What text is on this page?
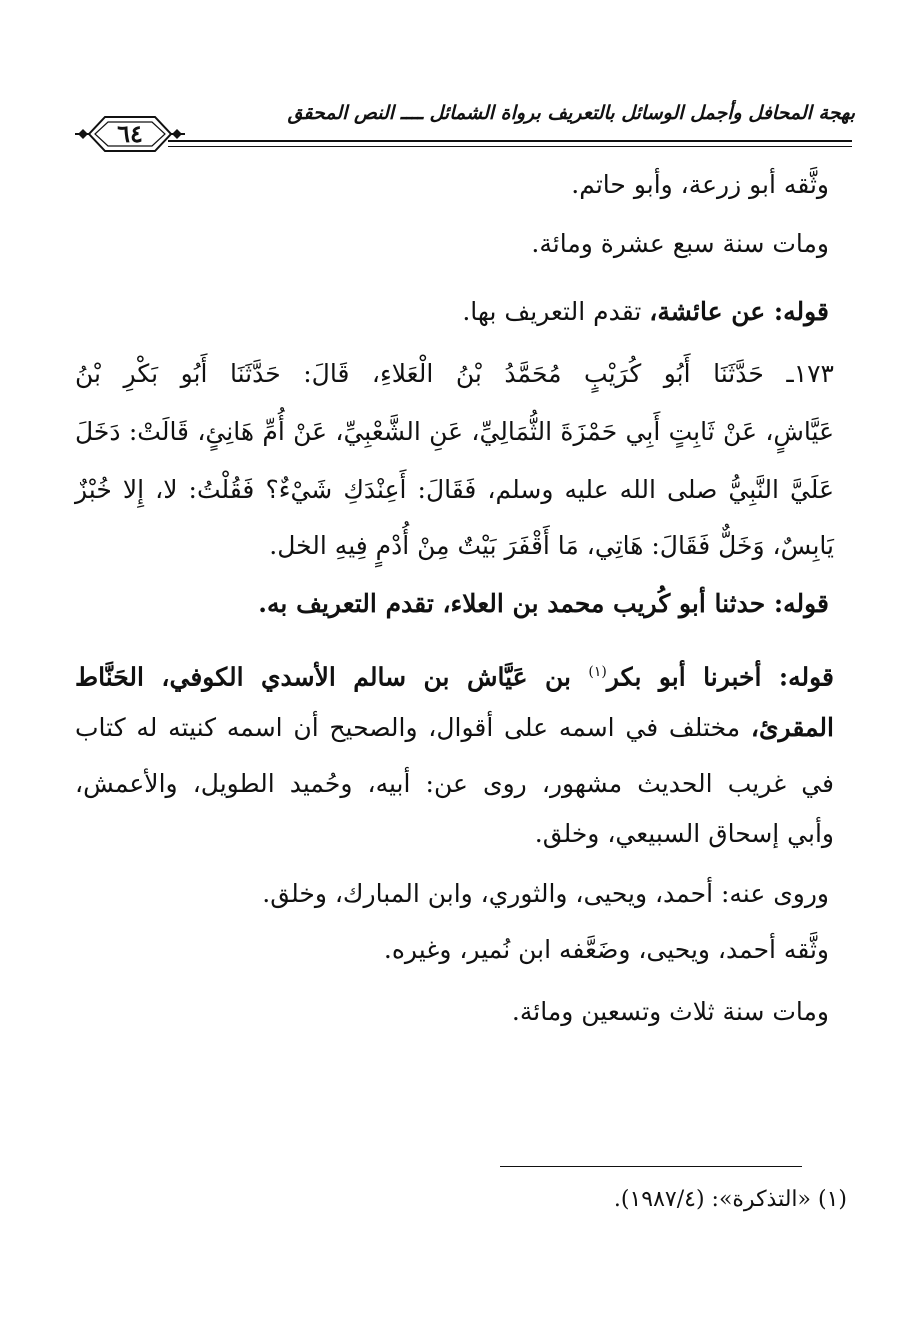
بهجة المحافل وأجمل الوسائل بالتعريف برواة الشمائل ــــ النص المحقق
٦٤
وثَّقه أبو زرعة، وأبو حاتم.
ومات سنة سبع عشرة ومائة.
قوله: عن عائشة، تقدم التعريف بها.
١٧٣ـ حَدَّثَنَا أَبُو كُرَيْبٍ مُحَمَّدُ بْنُ الْعَلاءِ، قَالَ: حَدَّثَنَا أَبُو بَكْرِ بْنُ
عَيَّاشٍ، عَنْ ثَابِتٍ أَبِي حَمْزَةَ الثُّمَالِيِّ، عَنِ الشَّعْبِيِّ، عَنْ أُمِّ هَانِئٍ، قَالَتْ: دَخَلَ
عَلَيَّ النَّبِيُّ صلى الله عليه وسلم، فَقَالَ: أَعِنْدَكِ شَيْءٌ؟ فَقُلْتُ: لا، إِلا خُبْزٌ
يَابِسٌ، وَخَلٌّ فَقَالَ: هَاتِي، مَا أَقْفَرَ بَيْتٌ مِنْ أُدْمٍ فِيهِ الخل.
قوله: حدثنا أبو كُريب محمد بن العلاء، تقدم التعريف به.
قوله: أخبرنا أبو بكر$^{(١)}$ بن عَيَّاش بن سالم الأسدي الكوفي، الحَنَّاط
المقرئ، مختلف في اسمه على أقوال، والصحيح أن اسمه كنيته له كتاب
في غريب الحديث مشهور، روى عن: أبيه، وحُميد الطويل، والأعمش،
وأبي إسحاق السبيعي، وخلق.
وروى عنه: أحمد، ويحيى، والثوري، وابن المبارك، وخلق.
وثَّقه أحمد، ويحيى، وضَعَّفه ابن نُمير، وغيره.
ومات سنة ثلاث وتسعين ومائة.
(١) «التذكرة»: (١٩٨٧/٤).
